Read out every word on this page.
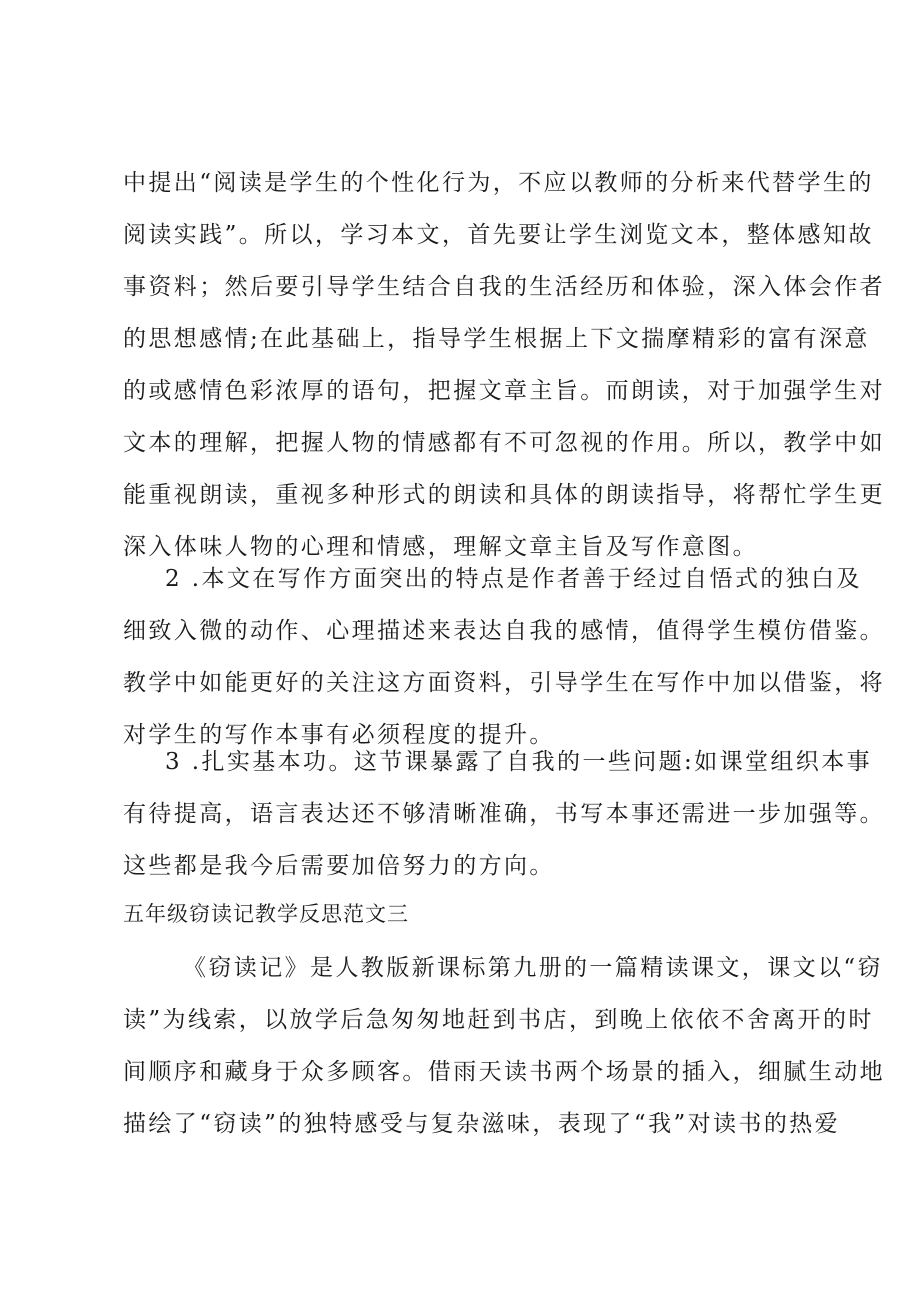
中提出“阅读是学生的个性化行为，不应以教师的分析来代替学生的
阅读实践”。所以，学习本文，首先要让学生浏览文本，整体感知故
事资料；然后要引导学生结合自我的生活经历和体验，深入体会作者
的思想感情;在此基础上，指导学生根据上下文揣摩精彩的富有深意
的或感情色彩浓厚的语句，把握文章主旨。而朗读，对于加强学生对
文本的理解，把握人物的情感都有不可忽视的作用。所以，教学中如
能重视朗读，重视多种形式的朗读和具体的朗读指导，将帮忙学生更
深入体味人物的心理和情感，理解文章主旨及写作意图。
2 .本文在写作方面突出的特点是作者善于经过自悟式的独白及
细致入微的动作、心理描述来表达自我的感情，值得学生模仿借鉴。
教学中如能更好的关注这方面资料，引导学生在写作中加以借鉴，将
对学生的写作本事有必须程度的提升。
3 .扎实基本功。这节课暴露了自我的一些问题:如课堂组织本事
有待提高，语言表达还不够清晰准确，书写本事还需进一步加强等。
这些都是我今后需要加倍努力的方向。
五年级窃读记教学反思范文三
《窃读记》是人教版新课标第九册的一篇精读课文，课文以“窃
读”为线索，以放学后急匆匆地赶到书店，到晚上依依不舍离开的时
间顺序和藏身于众多顾客。借雨天读书两个场景的插入，细腻生动地
描绘了“窃读”的独特感受与复杂滋味，表现了“我”对读书的热爱
